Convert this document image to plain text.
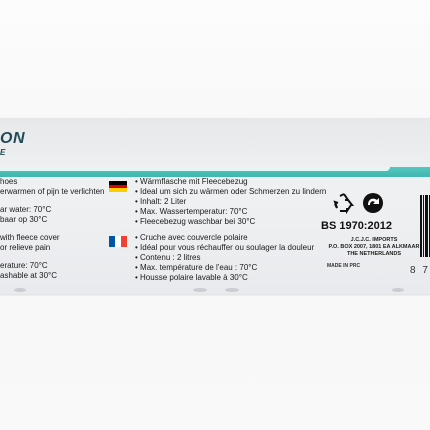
ON
E
hoes
erwarmen of pijn te verlichten
ar water: 70°C
baar op 30°C
with fleece cover
or relieve pain
erature: 70°C
ashable at 30°C
• Wärmflasche mit Fleecebezug
• Ideal um sich zu wärmen oder Schmerzen zu lindern
• Inhalt: 2 Liter
• Max. Wassertemperatur: 70°C
• Fleecebezug waschbar bei 30°C
• Cruche avec couvercle polaire
• Idéal pour vous réchauffer ou soulager la douleur
• Contenu : 2 litres
• Max. température de l'eau : 70°C
• Housse polaire lavable à 30°C
BS 1970:2012
J.C.J.C. IMPORTS
P.O. BOX 2007, 1801 EA ALKMAAR
THE NETHERLANDS
MADE IN PRC	8 7
